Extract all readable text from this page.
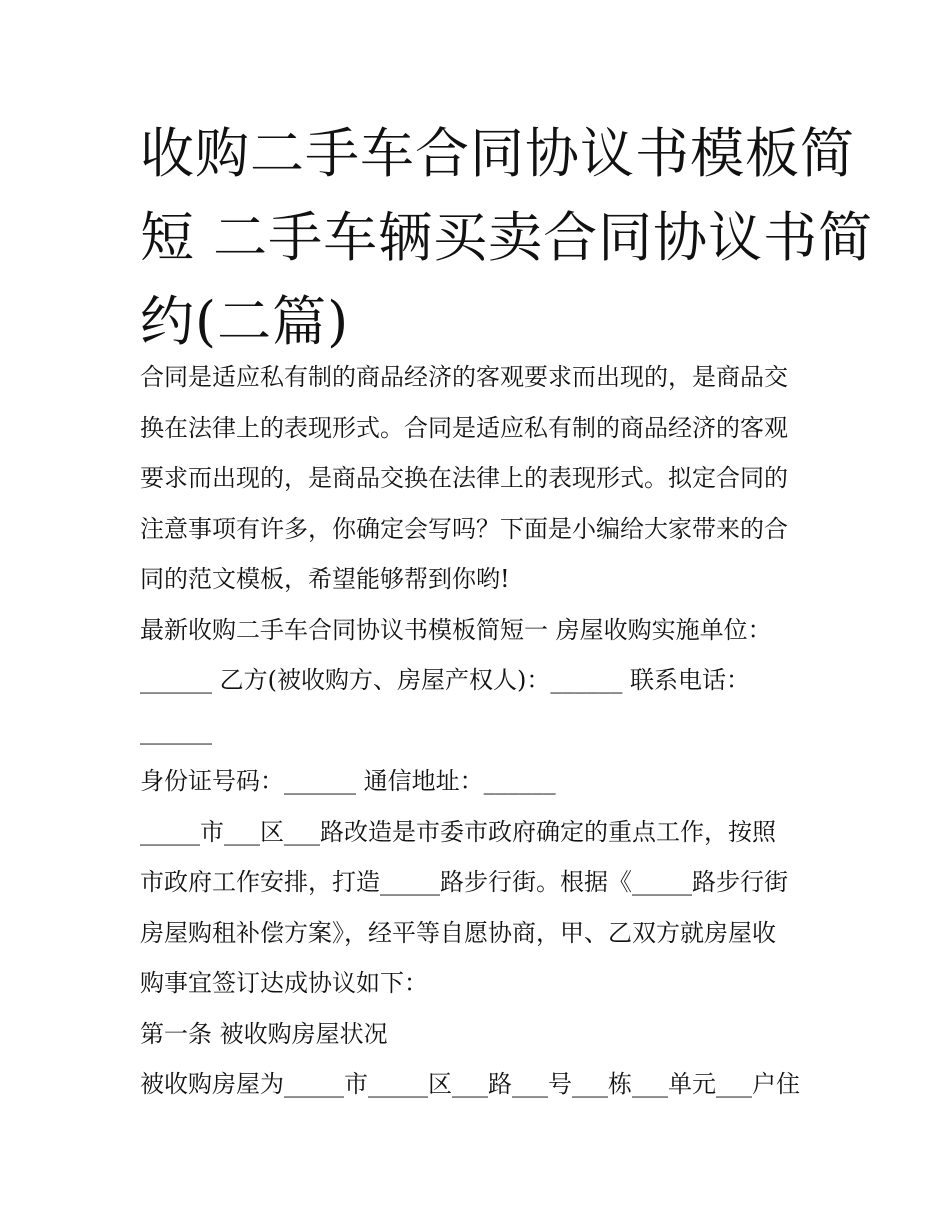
收购二手车合同协议书模板简
短 二手车辆买卖合同协议书简
约(二篇)
合同是适应私有制的商品经济的客观要求而出现的，是商品交
换在法律上的表现形式。合同是适应私有制的商品经济的客观
要求而出现的，是商品交换在法律上的表现形式。拟定合同的
注意事项有许多，你确定会写吗？下面是小编给大家带来的合
同的范文模板，希望能够帮到你哟!
最新收购二手车合同协议书模板简短一 房屋收购实施单位：
______ 乙方(被收购方、房屋产权人)：______ 联系电话：
______
身份证号码：______ 通信地址：______
_____市___区___路改造是市委市政府确定的重点工作，按照
市政府工作安排，打造_____路步行街。根据《_____路步行街
房屋购租补偿方案》，经平等自愿协商，甲、乙双方就房屋收
购事宜签订达成协议如下：
第一条 被收购房屋状况
被收购房屋为_____市_____区___路___号___栋___单元___户住
